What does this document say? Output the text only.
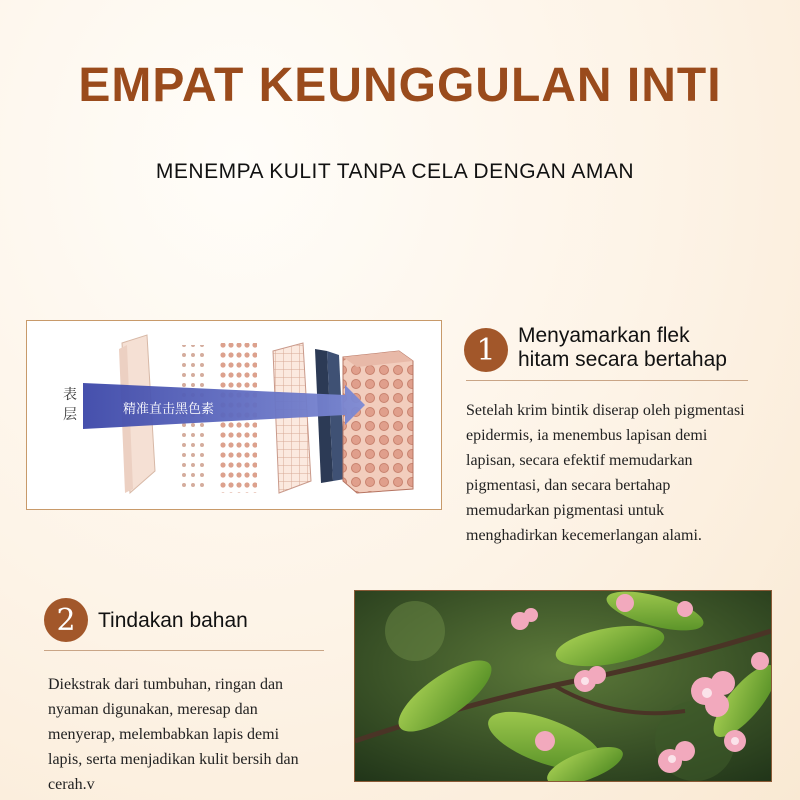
EMPAT KEUNGGULAN INTI
MENEMPA KULIT TANPA CELA DENGAN AMAN
表
层	精准直击黑色素
1	Menyamarkan flek
hitam secara bertahap
Setelah krim bintik diserap oleh pigmentasi
epidermis, ia menembus lapisan demi
lapisan, secara efektif memudarkan
pigmentasi, dan secara bertahap
memudarkan pigmentasi untuk
menghadirkan kecemerlangan alami.
2	Tindakan bahan
Diekstrak dari tumbuhan, ringan dan
nyaman digunakan, meresap dan
menyerap, melembabkan lapis demi
lapis, serta menjadikan kulit bersih dan
cerah.v
